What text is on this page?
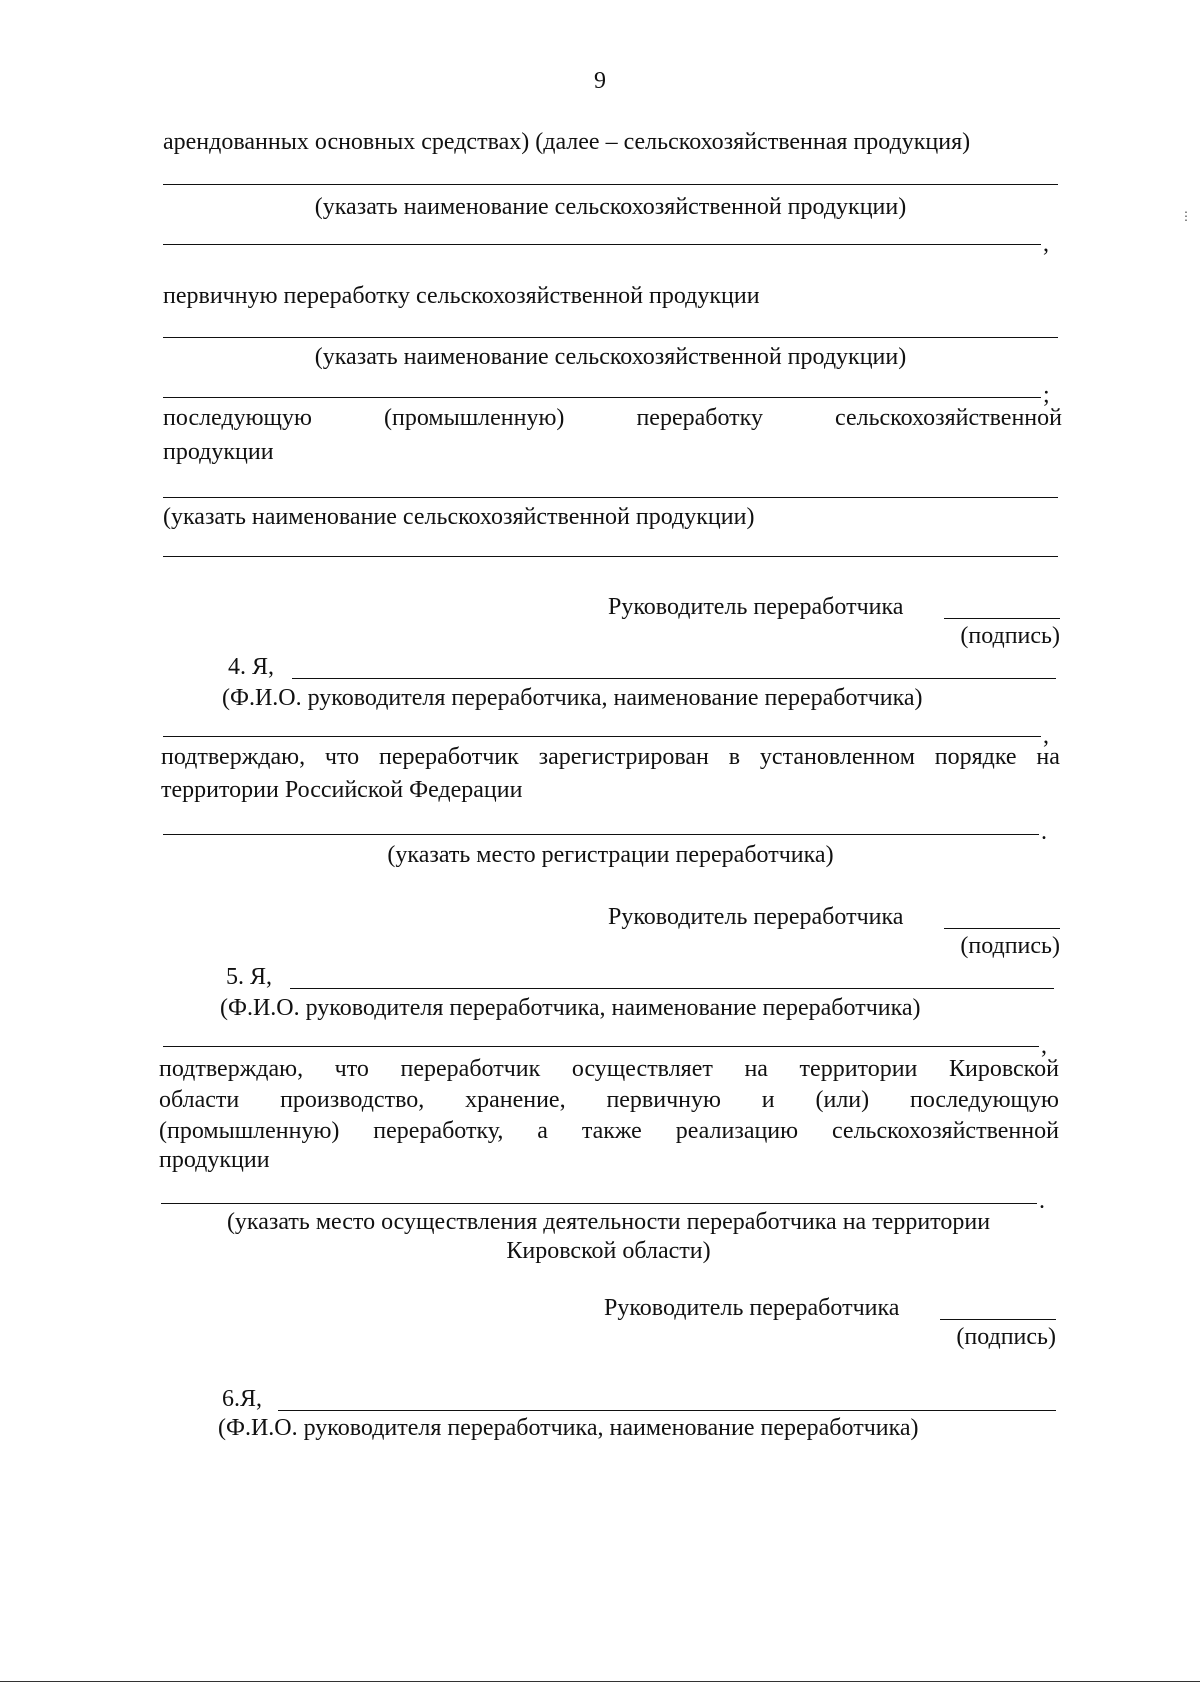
9
арендованных основных средствах) (далее – сельскохозяйственная продукция)
(указать наименование сельскохозяйственной продукции)
,
первичную переработку сельскохозяйственной продукции
(указать наименование сельскохозяйственной продукции)
;
последующую	(промышленную)	переработку	сельскохозяйственной
продукции
(указать наименование сельскохозяйственной продукции)
Руководитель переработчика
(подпись)
4. Я,
(Ф.И.О. руководителя переработчика, наименование переработчика)
,
подтверждаю, что переработчик зарегистрирован в установленном порядке на
территории Российской Федерации
.
(указать место регистрации переработчика)
Руководитель переработчика
(подпись)
5. Я,
(Ф.И.О. руководителя переработчика, наименование переработчика)
,
подтверждаю, что переработчик осуществляет на территории Кировской
области производство, хранение, первичную и (или) последующую
(промышленную) переработку, а также реализацию сельскохозяйственной
продукции
.
(указать место осуществления деятельности переработчика на территории
Кировской области)
Руководитель переработчика
(подпись)
6.Я,
(Ф.И.О. руководителя переработчика, наименование переработчика)
⋮
